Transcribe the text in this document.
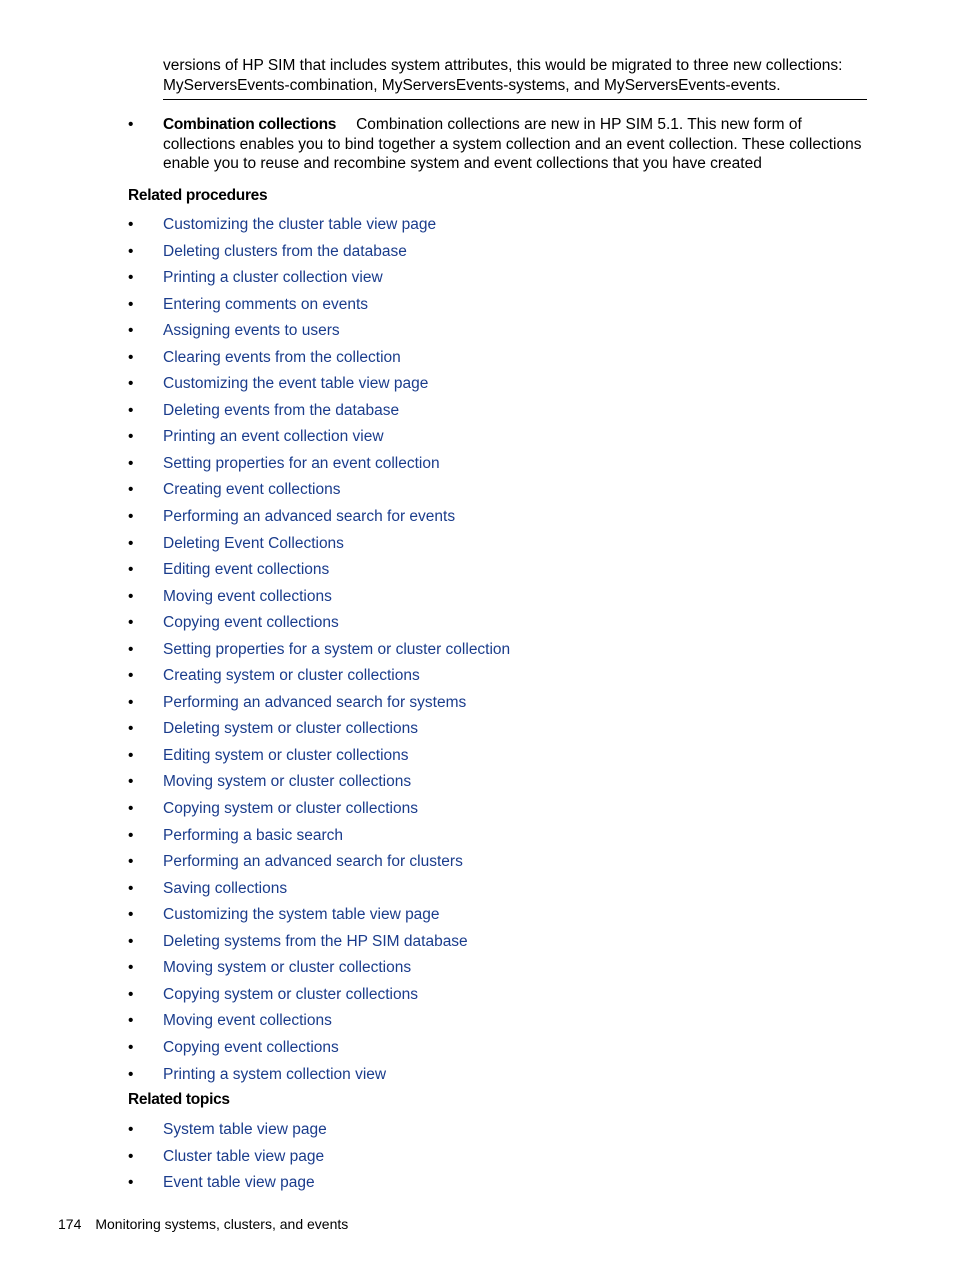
versions of HP SIM that includes system attributes, this would be migrated to three new collections:

MyServersEvents-combination, MyServersEvents-systems, and MyServersEvents-events.

•	Combination collections Combination collections are new in HP SIM 5.1. This new form of collections enables you to bind together a system collection and an event collection. These collections enable you to reuse and recombine system and event collections that you have created
Related procedures
• Customizing the cluster table view page
• Deleting clusters from the database
• Printing a cluster collection view
• Entering comments on events
• Assigning events to users
• Clearing events from the collection
• Customizing the event table view page
• Deleting events from the database
• Printing an event collection view
• Setting properties for an event collection
• Creating event collections
• Performing an advanced search for events
• Deleting Event Collections
• Editing event collections
• Moving event collections
• Copying event collections
• Setting properties for a system or cluster collection
• Creating system or cluster collections
• Performing an advanced search for systems
• Deleting system or cluster collections
• Editing system or cluster collections
• Moving system or cluster collections
• Copying system or cluster collections
• Performing a basic search
• Performing an advanced search for clusters
• Saving collections
• Customizing the system table view page
• Deleting systems from the HP SIM database
• Moving system or cluster collections
• Copying system or cluster collections
• Moving event collections
• Copying event collections
• Printing a system collection view
Related topics
• System table view page
• Cluster table view page
• Event table view page
174 Monitoring systems, clusters, and events
